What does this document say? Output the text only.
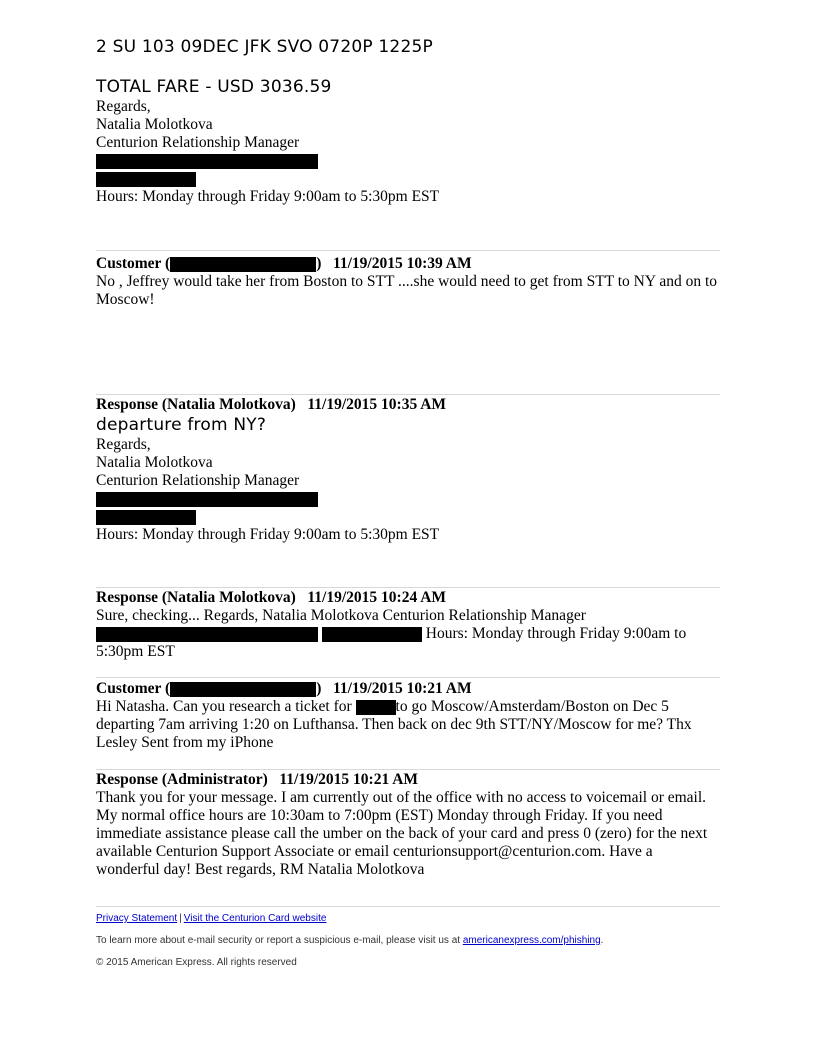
2 SU 103 09DEC JFK SVO 0720P 1225P
TOTAL FARE - USD 3036.59
Regards,
Natalia Molotkova
Centurion Relationship Manager
Hours: Monday through Friday 9:00am to 5:30pm EST
Customer (	) 11/19/2015 10:39 AM
No , Jeffrey would take her from Boston to STT ....she would need to get from STT to NY and on to Moscow!
Response (Natalia Molotkova) 11/19/2015 10:35 AM
departure from NY?
Regards,
Natalia Molotkova
Centurion Relationship Manager
Hours: Monday through Friday 9:00am to 5:30pm EST
Response (Natalia Molotkova) 11/19/2015 10:24 AM
Sure, checking... Regards, Natalia Molotkova Centurion Relationship Manager
Hours: Monday through Friday 9:00am to
5:30pm EST
Customer (	) 11/19/2015 10:21 AM
Hi Natasha. Can you research a ticket for	to go Moscow/Amsterdam/Boston on Dec 5 departing 7am arriving 1:20 on Lufthansa. Then back on dec 9th STT/NY/Moscow for me? Thx Lesley Sent from my iPhone
Response (Administrator) 11/19/2015 10:21 AM
Thank you for your message. I am currently out of the office with no access to voicemail or email. My normal office hours are 10:30am to 7:00pm (EST) Monday through Friday. If you need immediate assistance please call the umber on the back of your card and press 0 (zero) for the next available Centurion Support Associate or email centurionsupport@centurion.com. Have a wonderful day! Best regards, RM Natalia Molotkova
Privacy Statement | Visit the Centurion Card website
To learn more about e-mail security or report a suspicious e-mail, please visit us at americanexpress.com/phishing.
© 2015 American Express. All rights reserved
